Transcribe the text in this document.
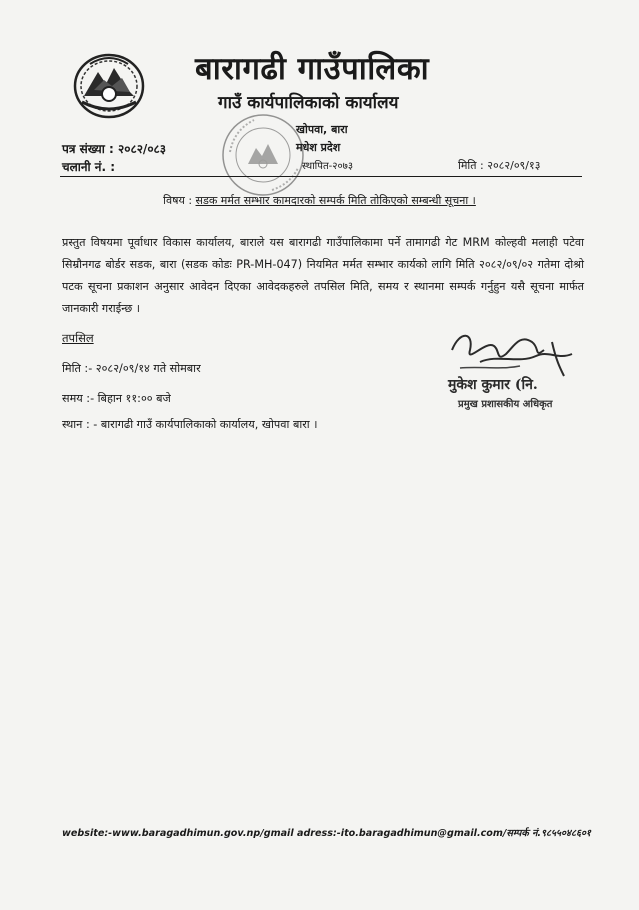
बारागढी गाउँपालिका
गाउँ कार्यपालिकाको कार्यालय
खोपवा, बारा
मधेश प्रदेश
स्थापित-२०७३
पत्र संख्या : २०८२/०८३
चलानी नं. :	मिति : २०८२/०९/१३
विषय : सडक मर्मत सम्भार कामदारको सम्पर्क मिति तोकिएको सम्बन्धी सूचना ।
प्रस्तुत विषयमा पूर्वाधार विकास कार्यालय, बाराले यस बारागढी गाउँपालिकामा पर्ने तामागढी गेट MRM कोल्हवी मलाही पटेवा सिम्रौनगढ बोर्डर सडक, बारा (सडक कोडः PR-MH-047) नियमित मर्मत सम्भार कार्यको लागि मिति २०८२/०९/०२ गतेमा दोश्रो पटक सूचना प्रकाशन अनुसार आवेदन दिएका आवेदकहरुले तपसिल मिति, समय र स्थानमा सम्पर्क गर्नुहुन यसै सूचना मार्फत जानकारी गराईन्छ ।
तपसिल
मिति :- २०८२/०९/१४ गते सोमबार
समय :- बिहान ११:०० बजे
स्थान : - बारागढी गाउँ कार्यपालिकाको कार्यालय, खोपवा बारा ।
मुकेश कुमार (नि.
प्रमुख प्रशासकीय अधिकृत
website:-www.baragadhimun.gov.np/gmail adress:-ito.baragadhimun@gmail.com/सम्पर्क नं.९८५५०४८६०१
